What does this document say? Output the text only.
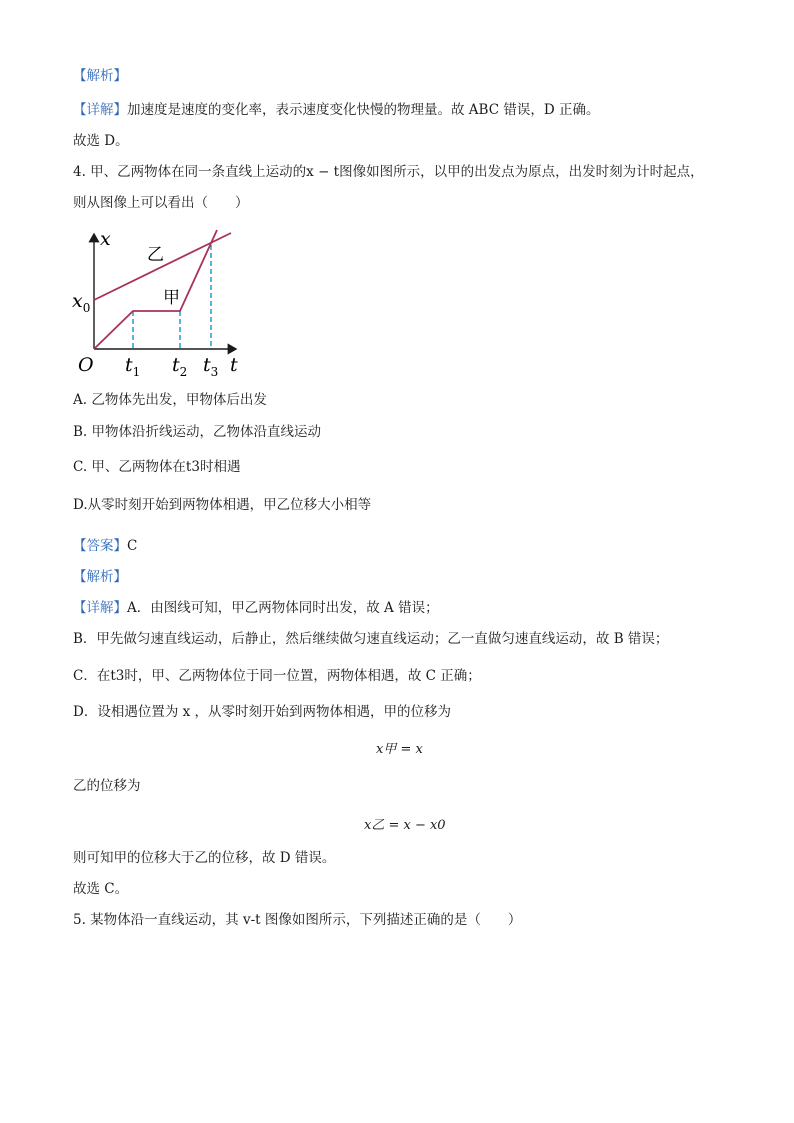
【解析】
【详解】加速度是速度的变化率，表示速度变化快慢的物理量。故 ABC 错误，D 正确。
故选 D。
4. 甲、乙两物体在同一条直线上运动的x − t图像如图所示，以甲的出发点为原点，出发时刻为计时起点，
则从图像上可以看出（　　）
x
乙
甲
$x_0$
O $t_1$ $t_2$ $t_3$ t
A. 乙物体先出发，甲物体后出发
B. 甲物体沿折线运动，乙物体沿直线运动
C. 甲、乙两物体在t3时相遇
D.从零时刻开始到两物体相遇，甲乙位移大小相等
【答案】C
【解析】
【详解】A．由图线可知，甲乙两物体同时出发，故 A 错误；
B．甲先做匀速直线运动，后静止，然后继续做匀速直线运动；乙一直做匀速直线运动，故 B 错误；
C．在t3时，甲、乙两物体位于同一位置，两物体相遇，故 C 正确；
D．设相遇位置为 x ，从零时刻开始到两物体相遇，甲的位移为
x甲 = x
乙的位移为
x乙 = x − x0
则可知甲的位移大于乙的位移，故 D 错误。
故选 C。
5. 某物体沿一直线运动，其 v-t 图像如图所示，下列描述正确的是（　　）
